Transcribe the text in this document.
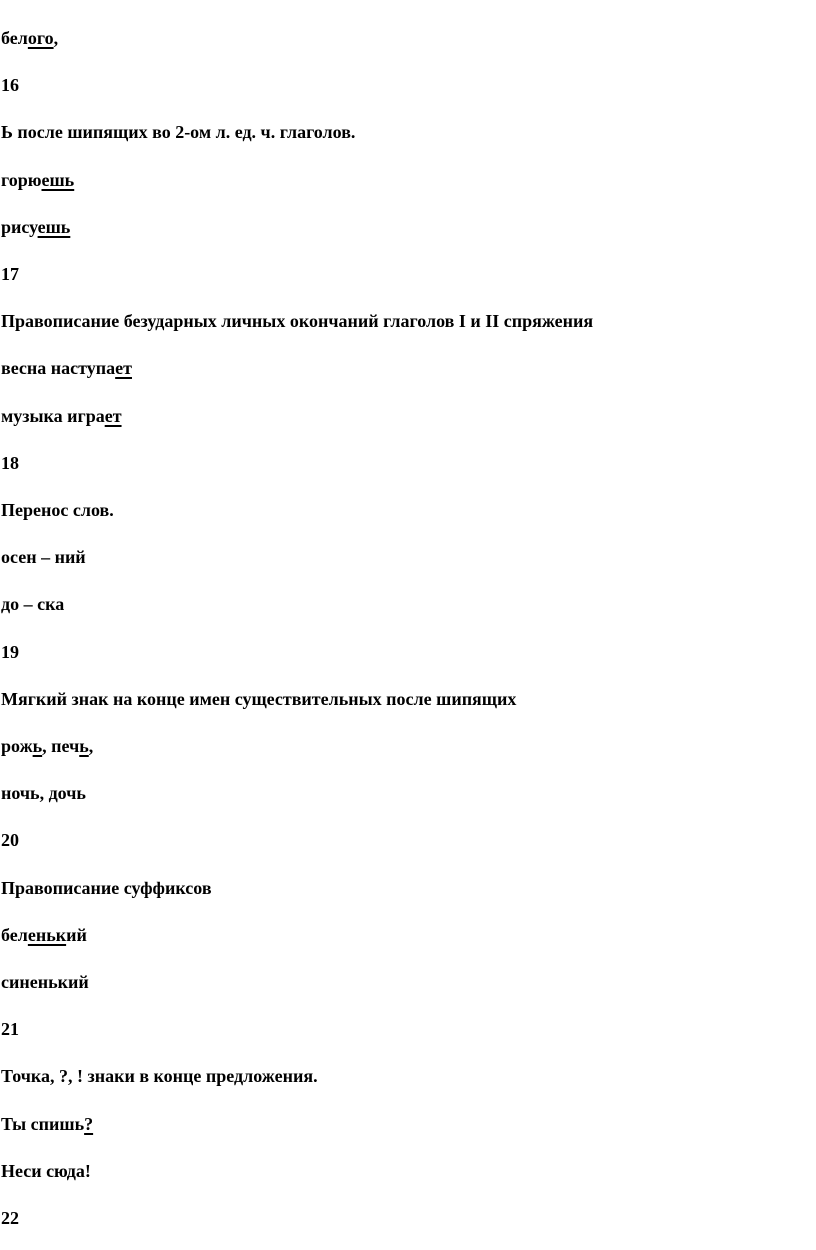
белого,
16
Ь после шипящих во 2-ом л. ед. ч. глаголов.
горюешь
рисуешь
17
Правописание безударных личных окончаний глаголов I и II спряжения
весна наступает
музыка играет
18
Перенос слов.
осен – ний
до – ска
19
Мягкий знак на конце имен существительных после шипящих
рожь, печь,
ночь, дочь
20
Правописание суффиксов
беленький
синенький
21
Точка, ?, ! знаки в конце предложения.
Ты спишь?
Неси сюда!
22
